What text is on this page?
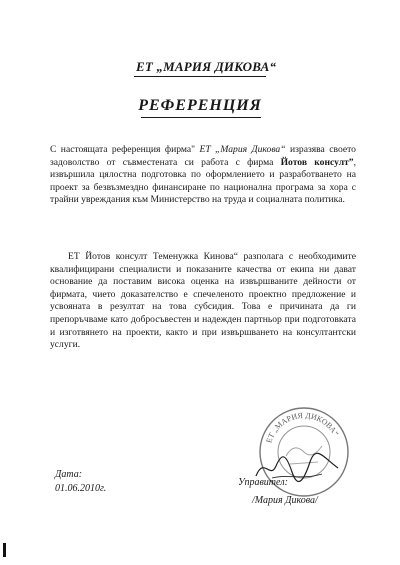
ЕТ „МАРИЯ ДИКОВА“
РЕФЕРЕНЦИЯ

С настоящата референция фирма" ЕТ „Мария Дикова“ изразява своето задоволство от съвместената си работа с фирма Йотов консулт”, извършила цялостна подготовка по оформлението и разработването на проект за безвъзмездно финансиране по национална програма за хора с трайни увреждания към Министерство на труда и социалната политика.

ЕТ Йотов консулт Теменужка Кинова“ разполага с необходимите квалифицирани специалисти и показаните качества от екипа ни дават основание да поставим висока оценка на извършваните дейности от фирмата, чието доказателство е спечеленото проектно предложение и усвояната в резултат на това субсидия. Това е причината да ги препоръчваме като добросъвестен и надежден партньор при подготовката и изготвянето на проекти, както и при извършването на консултантски услуги.

ЕТ „МАРИЯ ДИКОВА“
Дата:
01.06.2010г.
Управител:
/Мария Дикова/
